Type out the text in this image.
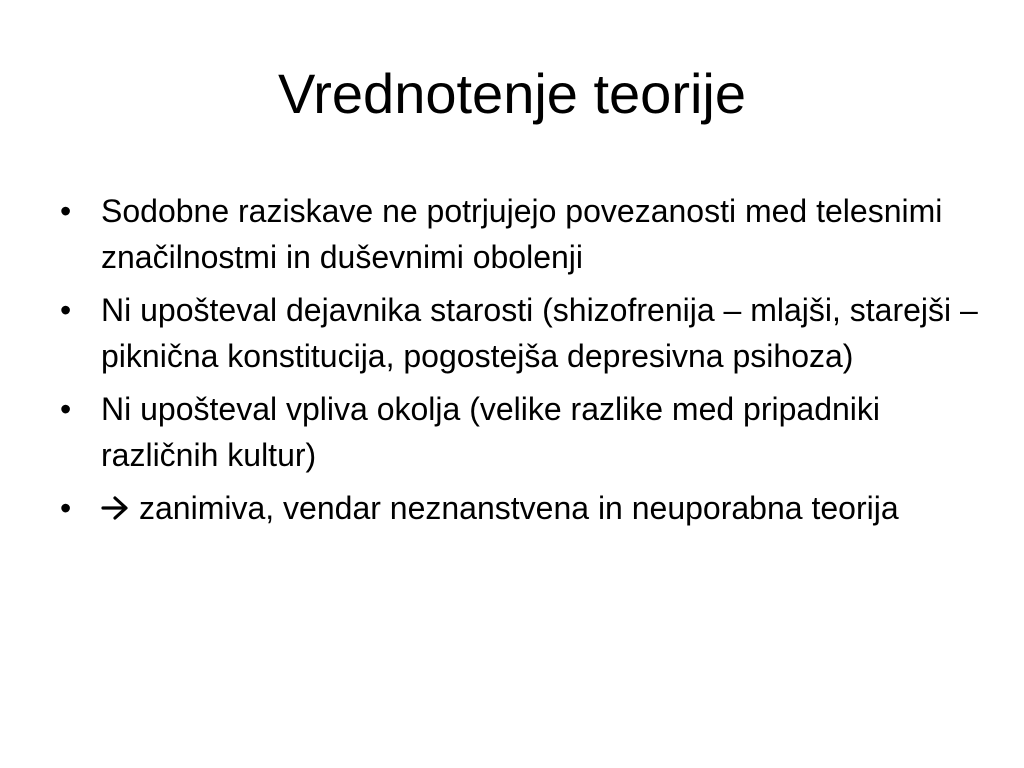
Vrednotenje teorije
• Sodobne raziskave ne potrjujejo povezanosti med telesnimi značilnostmi in duševnimi obolenji
• Ni upošteval dejavnika starosti (shizofrenija – mlajši, starejši – piknična konstitucija, pogostejša depresivna psihoza)
• Ni upošteval vpliva okolja (velike razlike med pripadniki različnih kultur)
• zanimiva, vendar neznanstvena in neuporabna teorija
